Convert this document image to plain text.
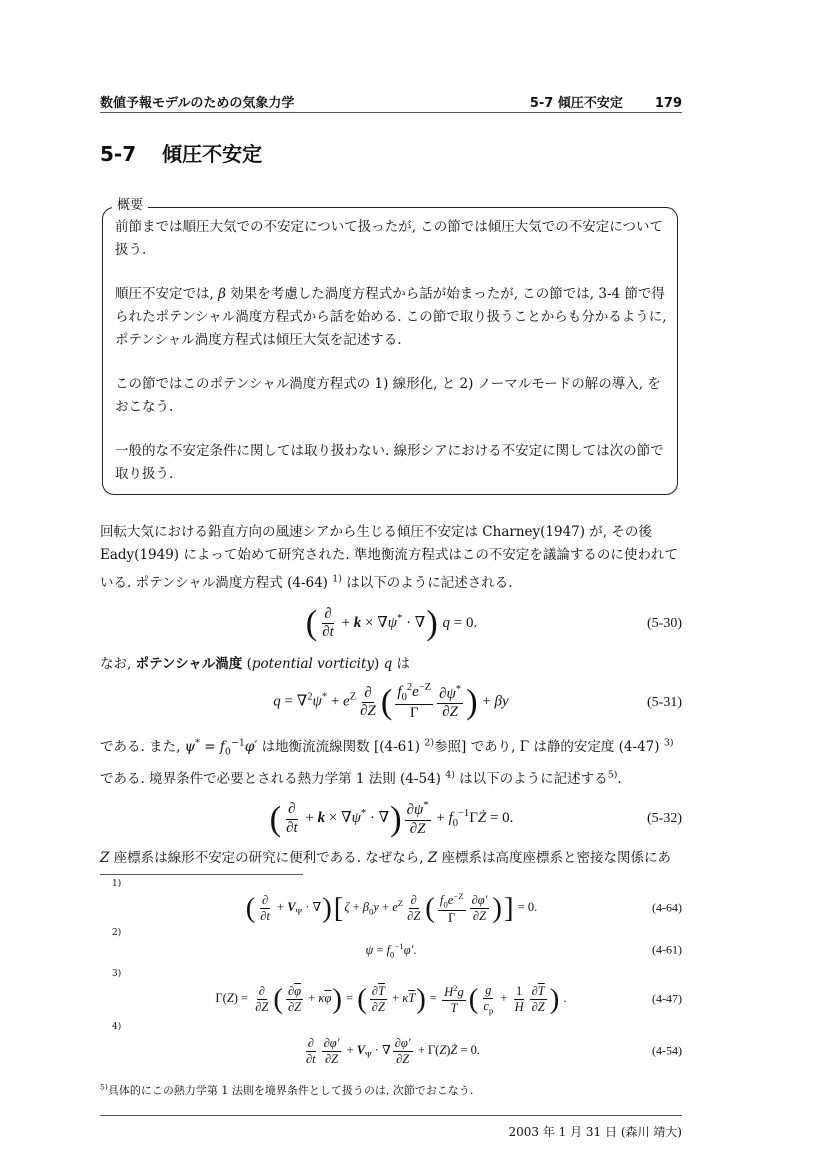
数値予報モデルのための気象力学	5-7 傾圧不安定 179
5-7 傾圧不安定

前節までは順圧大気での不安定について扱ったが, この節では傾圧大気での不安定について扱う.

順圧不安定では, β 効果を考慮した渦度方程式から話が始まったが, この節では, 3-4 節で得られたポテンシャル渦度方程式から話を始める. この節で取り扱うことからも分かるように, ポテンシャル渦度方程式は傾圧大気を記述する.

この節ではこのポテンシャル渦度方程式の 1) 線形化, と 2) ノーマルモードの解の導入, をおこなう.

一般的な不安定条件に関しては取り扱わない. 線形シアにおける不安定に関しては次の節で取り扱う.

概要

回転大気における鉛直方向の風速シアから生じる傾圧不安定は Charney(1947) が, その後 Eady(1949) によって始めて研究された. 準地衡流方程式はこの不安定を議論するのに使われている. ポテンシャル渦度方程式 (4-64) $^{1)}$ は以下のように記述される.

( $\frac{\partial}{\partial t} + k \times \nabla\psi^*$ · ∇) q = 0.	(5-30)

なお, ポテンシャル渦度 (potential vorticity) q は

$q = \nabla^2\psi^* + e^Z \frac{\partial}{\partial Z}$ ( $\frac{f_0^2e^{-Z}}{\Gamma} \frac{\partial\psi^*}{\partial Z}$ ) + βy	(5-31)

である. また, $\psi^* = f_0^{-1}\varphi'$ は地衡流流線関数 [(4-61) $^{2)}$参照] であり, Γ は静的安定度 (4-47) $^{3)}$ である. 境界条件で必要とされる熱力学第 1 法則 (4-54) $^{4)}$ は以下のように記述する$^{5)}$.

( $\frac{\partial}{\partial t} + k \times \nabla\psi^*$ · ∇) $\frac{\partial\psi^*}{\partial Z}$ + $f_0^{-1}\Gamma Ż = 0$.	(5-32)

Z 座標系は線形不安定の研究に便利である. なぜなら, Z 座標系は高度座標系と密接な関係にあ

1)
( $\frac{\partial}{\partial t} + V_\Psi \cdot \nabla)[\zeta + \beta_0y + e^Z \frac{\partial}{\partial Z}$ ( $\frac{f_0e^{-Z}}{\Gamma} \frac{\partial\varphi'}{\partial Z}$ )] = 0.	(4-64)
2)
$\psi = f_0^{-1}\varphi'$.	(4-61)
3)
$\Gamma(Z) = \frac{\partial}{\partial Z}$ ( $\frac{\partial\overline{\varphi}}{\partial Z} + \kappa\overline{\varphi}$) = ( $\frac{\partial\overline{T}}{\partial Z} + \kappa\overline{T}) = \frac{H^2g}{T}$ ( $\frac{g}{c_p} + \frac{1}{H} \frac{\partial\overline{T}}{\partial Z}$ ) .	(4-47)
4)
$\frac{\partial}{\partial t} \frac{\partial\varphi'}{\partial Z} + V_\Psi$ · ∇ $\frac{\partial\varphi'}{\partial Z}$ + Γ(Z)Ż = 0.	(4-54)
$^{5)}$具体的にこの熱力学第 1 法則を境界条件として扱うのは, 次節でおこなう.
2003 年 1 月 31 日 (森川 靖大)
